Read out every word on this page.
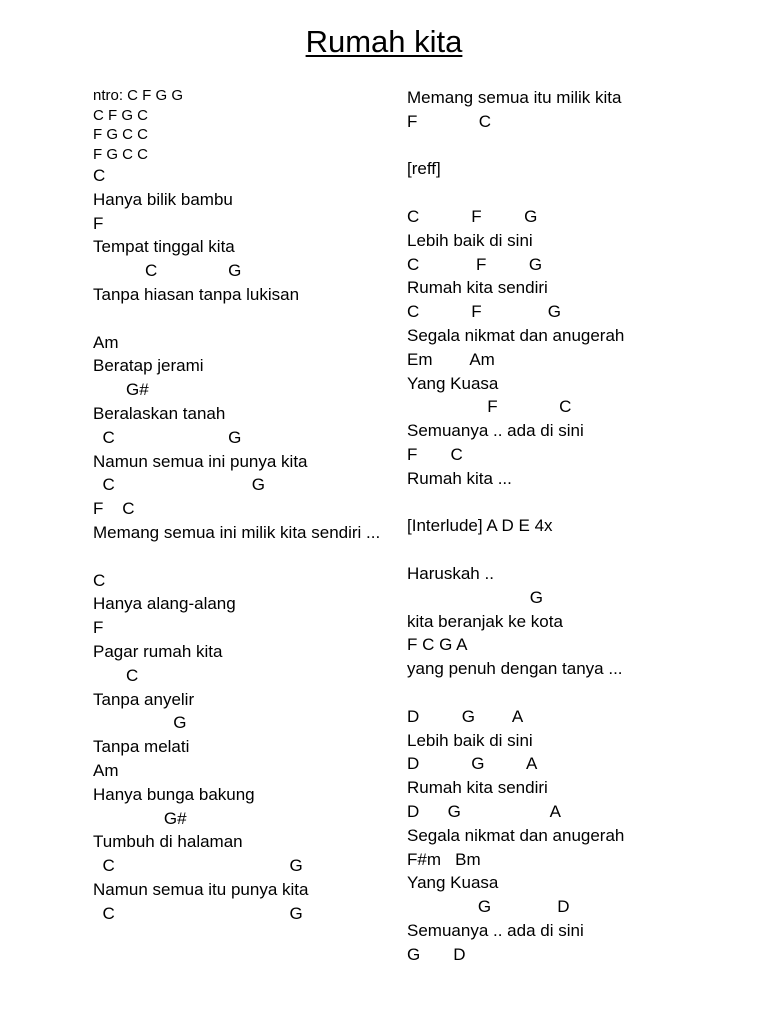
Rumah kita
ntro: C F G G
C F G C
F G C C
F G C C
C
Hanya bilik bambu
F
Tempat tinggal kita
C               G
Tanpa hiasan tanpa lukisan
Am
Beratap jerami
G#
Beralaskan tanah
C                        G
Namun semua ini punya kita
C                             G
F    C
Memang semua ini milik kita sendiri ...
C
Hanya alang-alang
F
Pagar rumah kita
C
Tanpa anyelir
G
Tanpa melati
Am
Hanya bunga bakung
G#
Tumbuh di halaman
C                                     G
Namun semua itu punya kita
C                                     G
Memang semua itu milik kita
F             C
[reff]
C           F         G
Lebih baik di sini
C            F         G
Rumah kita sendiri
C           F              G
Segala nikmat dan anugerah
Em        Am
Yang Kuasa
F             C
Semuanya .. ada di sini
F       C
Rumah kita ...
[Interlude] A D E 4x
Haruskah ..
G
kita beranjak ke kota
F C G A
yang penuh dengan tanya ...
D         G        A
Lebih baik di sini
D           G         A
Rumah kita sendiri
D      G                   A
Segala nikmat dan anugerah
F#m   Bm
Yang Kuasa
G              D
Semuanya .. ada di sini
G       D
